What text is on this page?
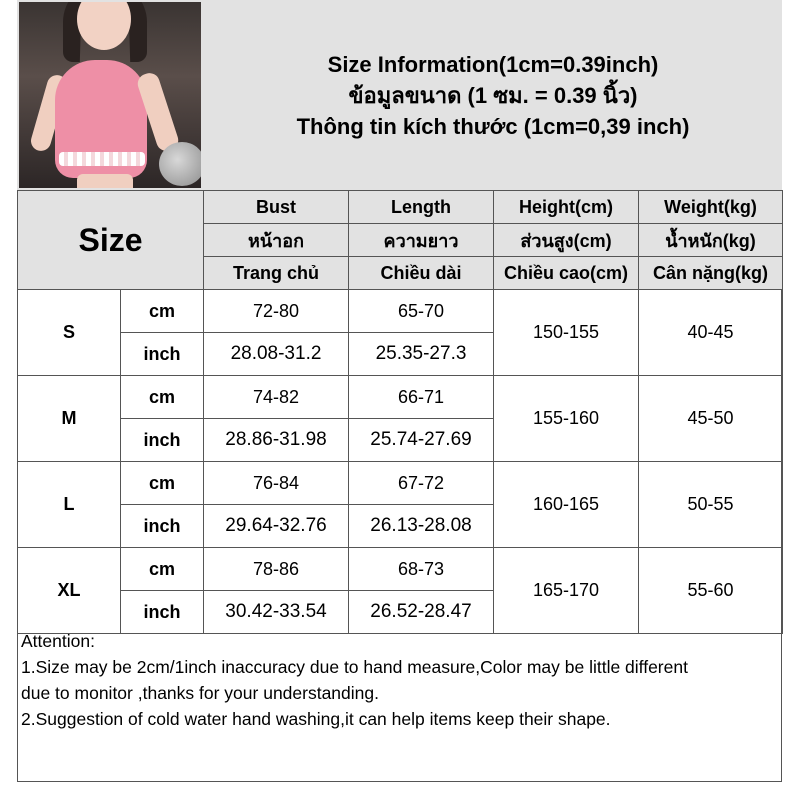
Size Information(1cm=0.39inch)
ข้อมูลขนาด (1 ซม. = 0.39 นิ้ว)
Thông tin kích thước (1cm=0,39 inch)
Size		Bust	Length	Height(cm)	Weight(kg)
		หน้าอก	ความยาว	ส่วนสูง(cm)	น้ำหนัก(kg)
		Trang chủ	Chiều dài	Chiều cao(cm)	Cân nặng(kg)
S	cm	72-80	65-70	150-155	40-45
	inch	28.08-31.2	25.35-27.3		
M	cm	74-82	66-71	155-160	45-50
	inch	28.86-31.98	25.74-27.69		
L	cm	76-84	67-72	160-165	50-55
	inch	29.64-32.76	26.13-28.08		
XL	cm	78-86	68-73	165-170	55-60
	inch	30.42-33.54	26.52-28.47		
Attention:
1.Size may be 2cm/1inch inaccuracy due to hand measure,Color may be little different
due to monitor ,thanks for your understanding.
2.Suggestion of cold water hand washing,it can help items keep their shape.
